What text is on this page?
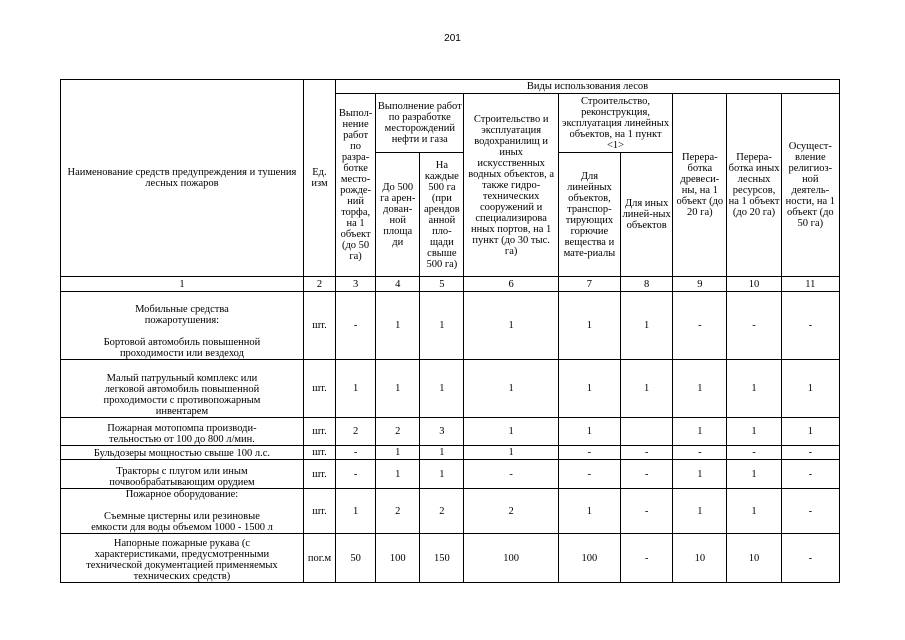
201
Наименование средств предупреждения и тушения лесных пожаров	Ед. изм	Виды использования лесов								
		Выпол-нение работ по разра-ботке место-рожде-ний торфа, на 1 объект (до 50 га)	Выполнение работ по разработке месторождений нефти и газа		Строительство и эксплуатация водохранилищ и иных искусственных водных объектов, а также гидро-технических сооружений и специализирова нных портов, на 1 пункт (до 30 тыс. га)	Строительство, реконструкция, эксплуатация линейных объектов, на 1 пункт <1>		Перера-ботка древеси-ны, на 1 объект (до 20 га)	Перера-ботка иных лесных ресурсов, на 1 объект (до 20 га)	Осущест-вление религиоз-ной деятель-ности, на 1 объект (до 50 га)
			До 500 га арен-дован-ной площа ди	На каждые 500 га (при арендов анной пло-щади свыше 500 га)		Для линейных объектов, транспор-тирующих горючие вещества и мате-риалы	Для иных линей-ных объектов			

1	2	3	4	5	6	7	8	9	10	11

Мобильные средства
пожаротушения:
Бортовой автомобиль повышенной
проходимости или вездеход	шт.	-	1	1	1	1	1	-	-	-

Малый патрульный комплекс или
легковой автомобиль повышенной
проходимости с противопожарным
инвентарем	шт.	1	1	1	1	1	1	1	1	1

Пожарная мотопомпа производи-
тельностью от 100 до 800 л/мин.	шт.	2	2	3	1	1		1	1	1

Бульдозеры мощностью свыше 100 л.с.	шт.	-	1	1	1	-	-	-	-	-

Тракторы с плугом или иным
почвообрабатывающим орудием	шт.	-	1	1	-	-	-	1	1	-

Пожарное оборудование:
Съемные цистерны или резиновые
емкости для воды объемом 1000 - 1500 л	шт.	1	2	2	2	1	-	1	1	-

Напорные пожарные рукава (с
характеристиками, предусмотренными
технической документацией применяемых
технических средств)	пог.м	50	100	150	100	100	-	10	10	-
